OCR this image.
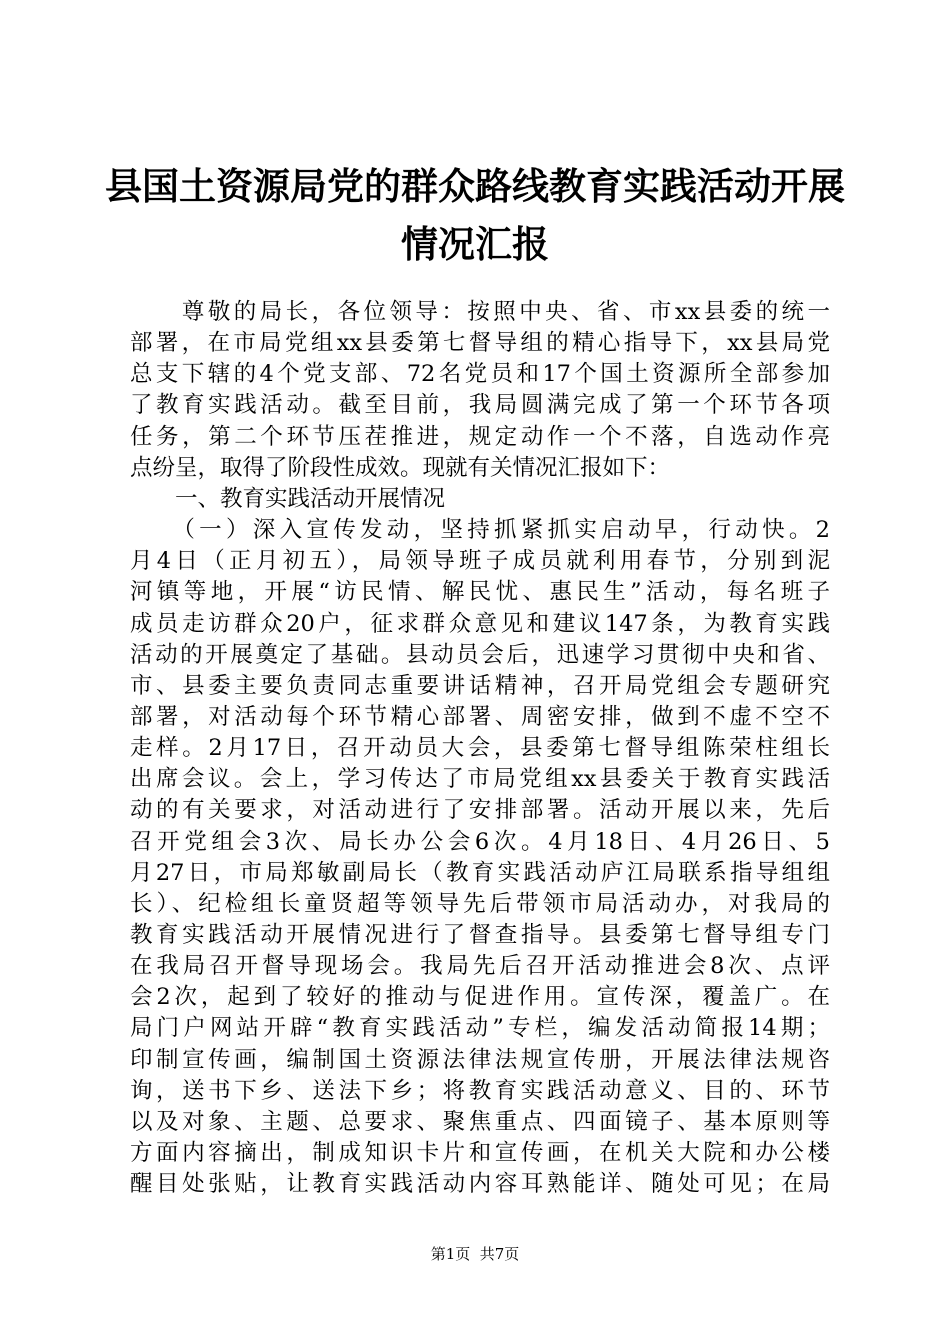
县国土资源局党的群众路线教育实践活动开展
情况汇报
　　尊敬的局长，各位领导：按照中央、省、市xx县委的统一
部署，在市局党组xx县委第七督导组的精心指导下，xx县局党
总支下辖的4个党支部、72名党员和17个国土资源所全部参加
了教育实践活动。截至目前，我局圆满完成了第一个环节各项
任务，第二个环节压茬推进，规定动作一个不落，自选动作亮
点纷呈，取得了阶段性成效。现就有关情况汇报如下：
　　一、教育实践活动开展情况
　　（一）深入宣传发动，坚持抓紧抓实启动早，行动快。2
月4日（正月初五），局领导班子成员就利用春节，分别到泥
河镇等地，开展“访民情、解民忧、惠民生”活动，每名班子
成员走访群众20户，征求群众意见和建议147条，为教育实践
活动的开展奠定了基础。县动员会后，迅速学习贯彻中央和省、
市、县委主要负责同志重要讲话精神，召开局党组会专题研究
部署，对活动每个环节精心部署、周密安排，做到不虚不空不
走样。2月17日，召开动员大会，县委第七督导组陈荣柱组长
出席会议。会上，学习传达了市局党组xx县委关于教育实践活
动的有关要求，对活动进行了安排部署。活动开展以来，先后
召开党组会3次、局长办公会6次。4月18日、4月26日、5
月27日，市局郑敏副局长（教育实践活动庐江局联系指导组组
长）、纪检组长童贤超等领导先后带领市局活动办，对我局的
教育实践活动开展情况进行了督查指导。县委第七督导组专门
在我局召开督导现场会。我局先后召开活动推进会8次、点评
会2次，起到了较好的推动与促进作用。宣传深，覆盖广。在
局门户网站开辟“教育实践活动”专栏，编发活动简报14期；
印制宣传画，编制国土资源法律法规宣传册，开展法律法规咨
询，送书下乡、送法下乡；将教育实践活动意义、目的、环节
以及对象、主题、总要求、聚焦重点、四面镜子、基本原则等
方面内容摘出，制成知识卡片和宣传画，在机关大院和办公楼
醒目处张贴，让教育实践活动内容耳熟能详、随处可见；在局
第1页  共7页
